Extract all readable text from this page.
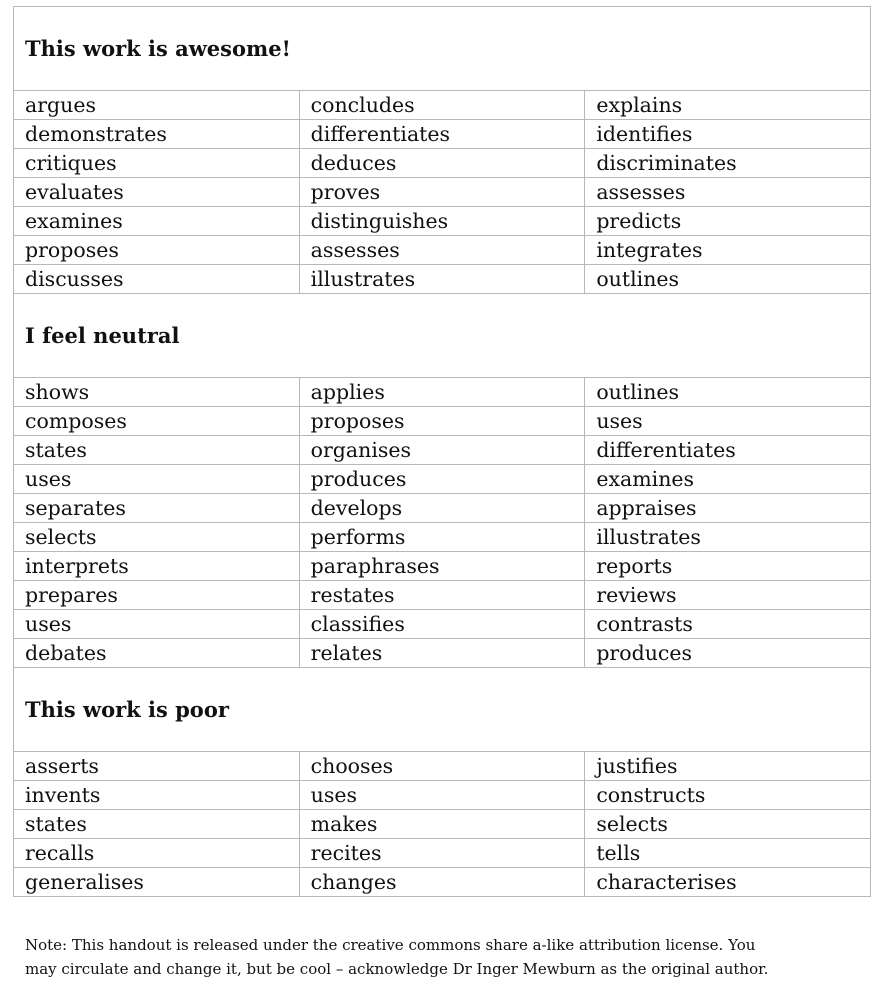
This work is awesome!		
argues	concludes	explains
demonstrates	differentiates	identifies
critiques	deduces	discriminates
evaluates	proves	assesses
examines	distinguishes	predicts
proposes	assesses	integrates
discusses	illustrates	outlines
I feel neutral		
shows	applies	outlines
composes	proposes	uses
states	organises	differentiates
uses	produces	examines
separates	develops	appraises
selects	performs	illustrates
interprets	paraphrases	reports
prepares	restates	reviews
uses	classifies	contrasts
debates	relates	produces
This work is poor		
asserts	chooses	justifies
invents	uses	constructs
states	makes	selects
recalls	recites	tells
generalises	changes	characterises
Note: This handout is released under the creative commons share a-like attribution license. You
may circulate and change it, but be cool – acknowledge Dr Inger Mewburn as the original author.
